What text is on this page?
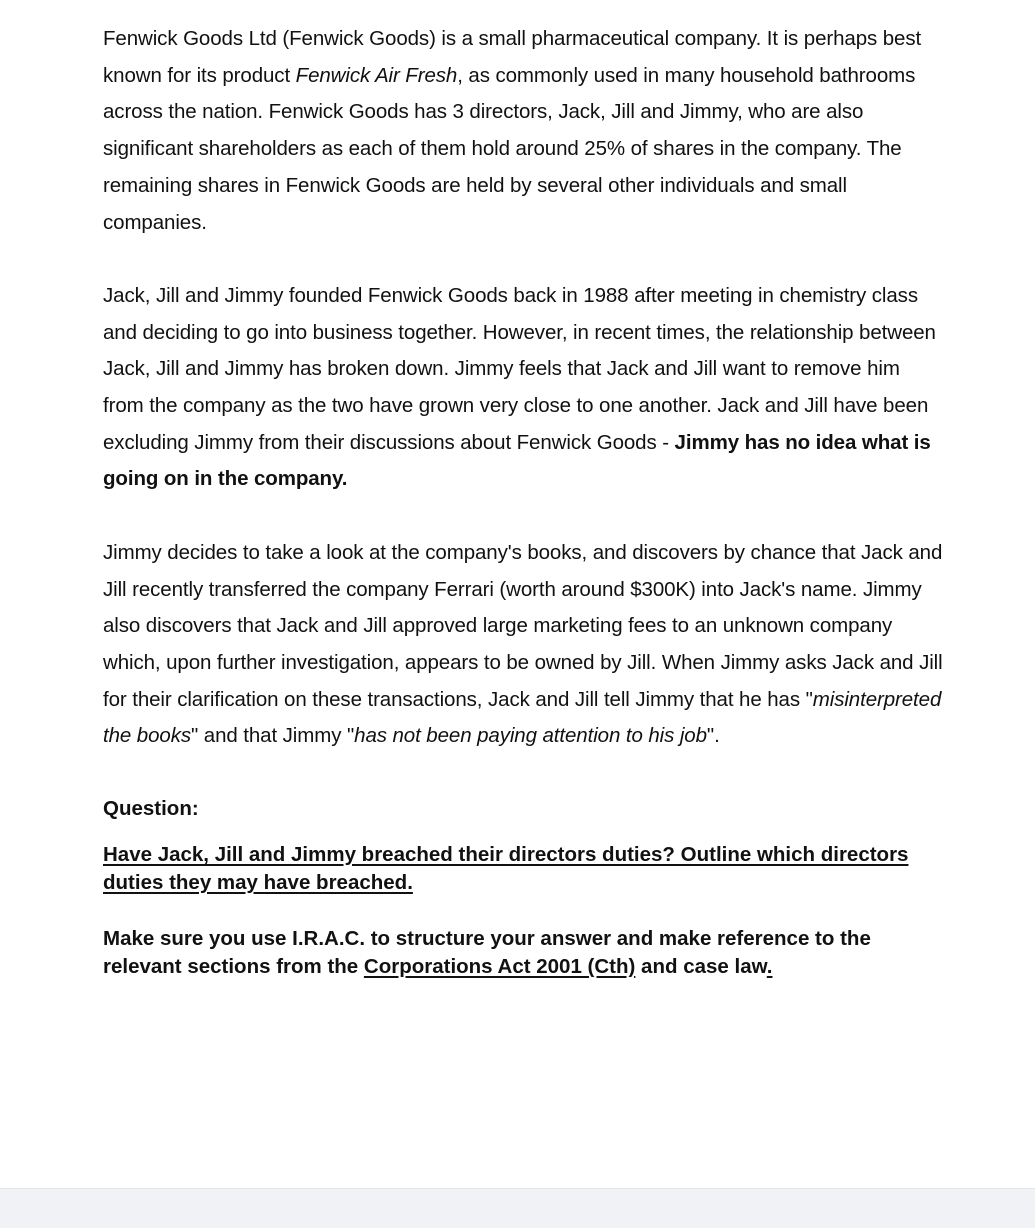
Fenwick Goods Ltd (Fenwick Goods) is a small pharmaceutical company. It is perhaps best known for its product Fenwick Air Fresh, as commonly used in many household bathrooms across the nation. Fenwick Goods has 3 directors, Jack, Jill and Jimmy, who are also significant shareholders as each of them hold around 25% of shares in the company. The remaining shares in Fenwick Goods are held by several other individuals and small companies.

Jack, Jill and Jimmy founded Fenwick Goods back in 1988 after meeting in chemistry class and deciding to go into business together. However, in recent times, the relationship between Jack, Jill and Jimmy has broken down. Jimmy feels that Jack and Jill want to remove him from the company as the two have grown very close to one another. Jack and Jill have been excluding Jimmy from their discussions about Fenwick Goods - Jimmy has no idea what is going on in the company.

Jimmy decides to take a look at the company's books, and discovers by chance that Jack and Jill recently transferred the company Ferrari (worth around $300K) into Jack's name. Jimmy also discovers that Jack and Jill approved large marketing fees to an unknown company which, upon further investigation, appears to be owned by Jill. When Jimmy asks Jack and Jill for their clarification on these transactions, Jack and Jill tell Jimmy that he has "misinterpreted the books" and that Jimmy "has not been paying attention to his job".

Question:

Have Jack, Jill and Jimmy breached their directors duties? Outline which directors duties they may have breached.

Make sure you use I.R.A.C. to structure your answer and make reference to the relevant sections from the Corporations Act 2001 (Cth) and case law.
